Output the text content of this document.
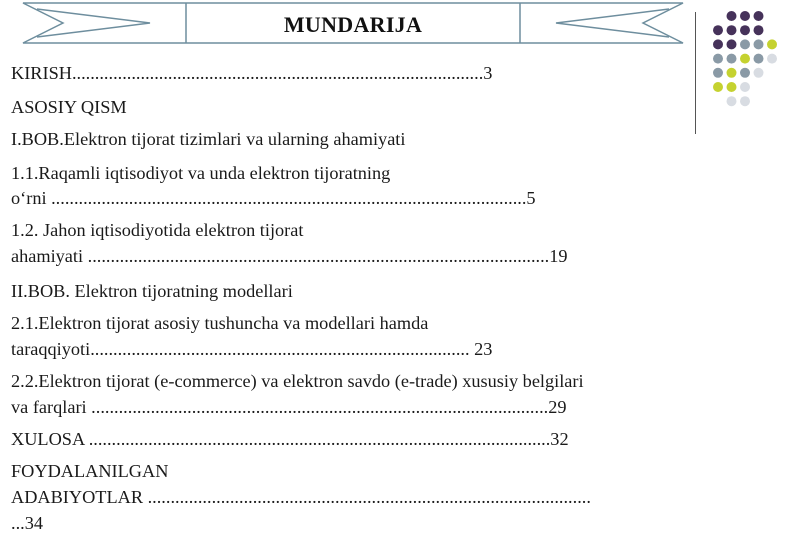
MUNDARIJA
KIRISH..........................................................................................3
ASOSIY QISM
I.BOB.Elektron tijorat tizimlari va ularning ahamiyati
1.1.Raqamli iqtisodiyot va unda elektron tijoratning
o‘rni ........................................................................................................5
1.2. Jahon iqtisodiyotida elektron tijorat
ahamiyati .....................................................................................................19
II.BOB. Elektron tijoratning modellari
2.1.Elektron tijorat asosiy tushuncha va modellari hamda
taraqqiyoti................................................................................... 23
2.2.Elektron tijorat (e-commerce) va elektron savdo (e-trade) xususiy belgilari
va farqlari ....................................................................................................29
XULOSA .....................................................................................................32
FOYDALANILGAN
ADABIYOTLAR .................................................................................................
...34
